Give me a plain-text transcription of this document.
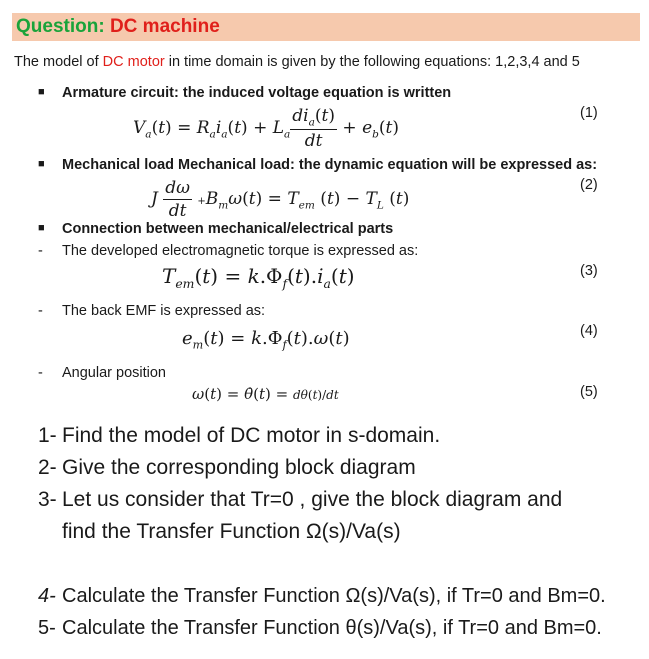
Question: DC machine
The model of DC motor in time domain is given by the following equations: 1,2,3,4 and 5
■ Armature circuit: the induced voltage equation is written
(1)
$V_a(t) = R_ai_a(t) + L_a \frac{di_a(t)}{dt} + e_b(t)$
■ Mechanical load Mechanical load: the dynamic equation will be expressed as:
(2)
J $\frac{d\omega}{dt} +B_m\omega(t) = T_{em}$ $(t) - T_L$ (t)
■ Connection between mechanical/electrical parts
- The developed electromagnetic torque is expressed as:
(3)
$T_{em}(t) = k.\Phi_f(t).i_a(t)$
- The back EMF is expressed as:
(4)
$e_m(t) = k.\Phi_f(t).\omega(t)$
- Angular position
(5)
ω(t) = θ̇(t) = dθ(t)/dt
1- Find the model of DC motor in s-domain.
2- Give the corresponding block diagram
3- Let us consider that Tr=0 , give the block diagram and
find the Transfer Function Ω(s)/Va(s)
4- Calculate the Transfer Function Ω(s)/Va(s), if Tr=0 and Bm=0.
5- Calculate the Transfer Function θ(s)/Va(s), if Tr=0 and Bm=0.
